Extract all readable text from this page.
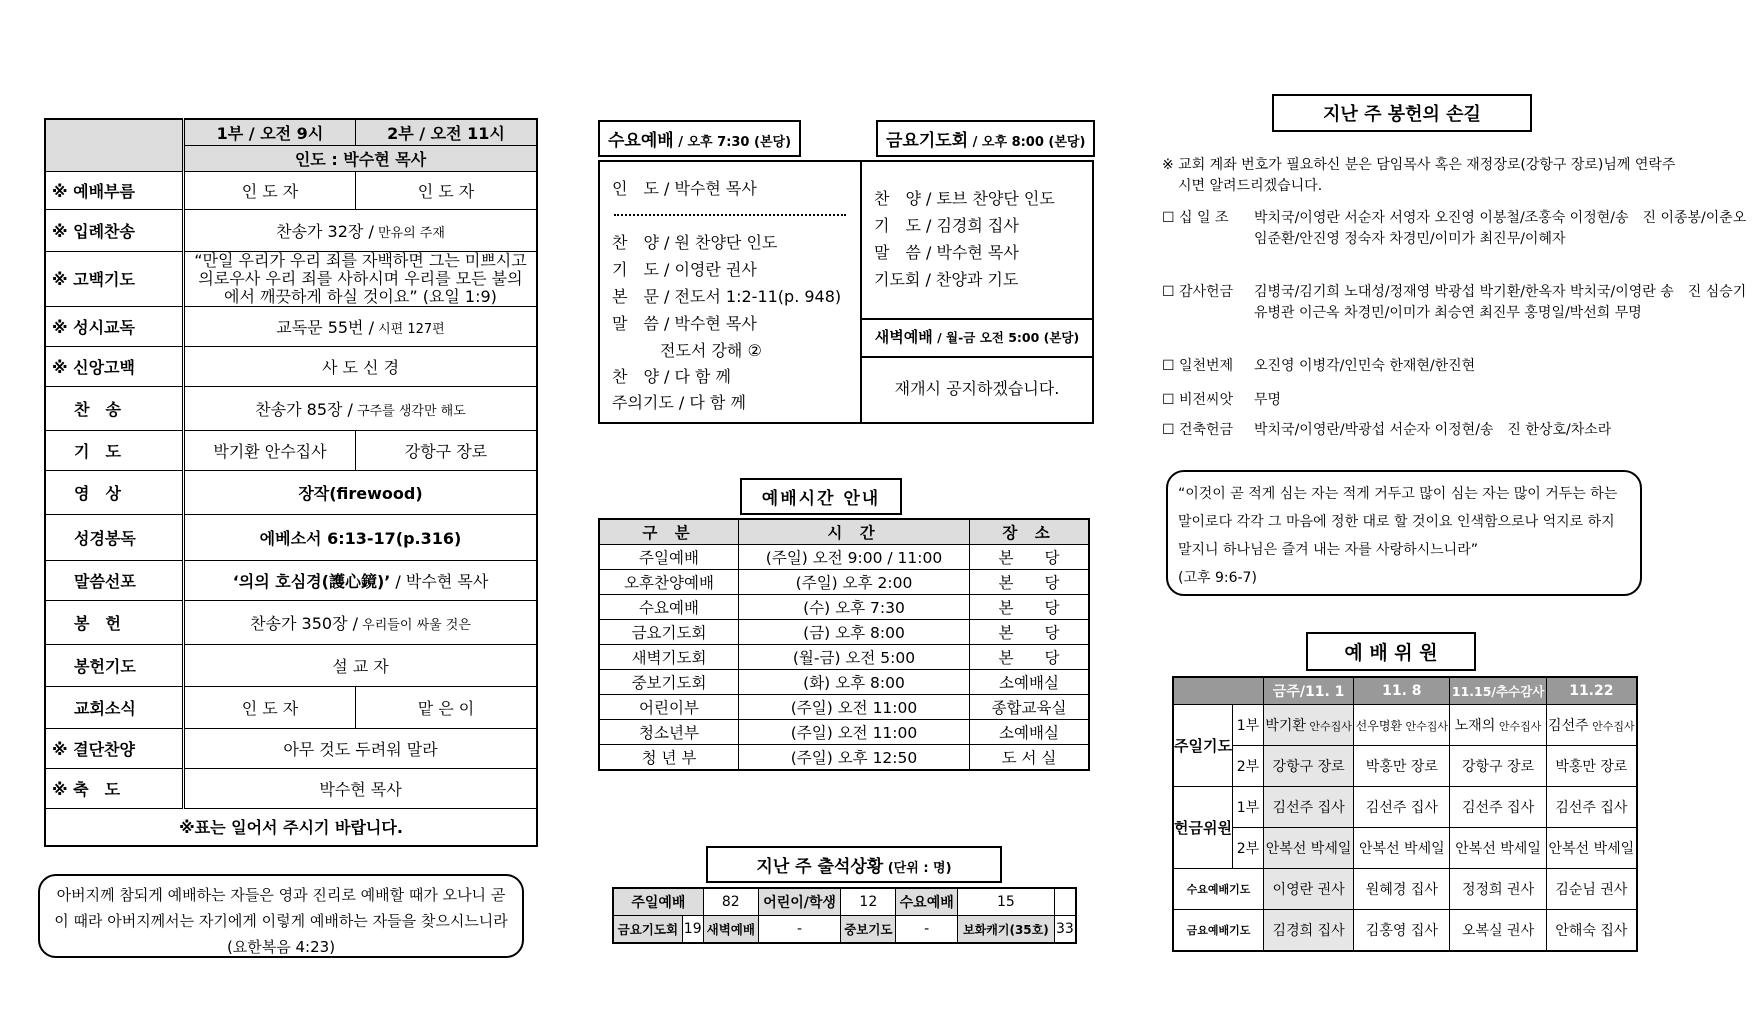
	1부 / 오전 9시	2부 / 오전 11시
	인도 : 박수현 목사	
※ 예배부름	인 도 자	인 도 자
※ 입례찬송	찬송가 32장 / 만유의 주재	
※ 고백기도	“만일 우리가 우리 죄를 자백하면 그는 미쁘시고 의로우사 우리 죄를 사하시며 우리를 모든 불의에서 깨끗하게 하실 것이요” (요일 1:9)	
※ 성시교독	교독문 55번 / 시편 127편	
※ 신앙고백	사 도 신 경	
찬　송	찬송가 85장 / 구주를 생각만 해도	
기　도	박기환 안수집사	강항구 장로
영　상	장작(firewood)	
성경봉독	에베소서 6:13-17(p.316)	
말씀선포	‘의의 호심경(護心鏡)’ / 박수현 목사	
봉　헌	찬송가 350장 / 우리들이 싸울 것은	
봉헌기도	설 교 자	
교회소식	인 도 자	맡 은 이
※ 결단찬양	아무 것도 두려워 말라	
※ 축　도	박수현 목사	
※표는 일어서 주시기 바랍니다.		
아버지께 참되게 예배하는 자들은 영과 진리로 예배할 때가 오나니 곧 이 때라 아버지께서는 자기에게 이렇게 예배하는 자들을 찾으시느니라 (요한복음 4:23)
수요예배 / 오후 7:30 (본당)	금요기도회 / 오후 8:00 (본당)
인　도 / 박수현 목사
찬　양 / 원 찬양단 인도
기　도 / 이영란 권사
본　문 / 전도서 1:2-11(p. 948)
말　씀 / 박수현 목사
　　　전도서 강해 ②
찬　양 / 다 함 께
주의기도 / 다 함 께
찬　양 / 토브 찬양단 인도
기　도 / 김경희 집사
말　씀 / 박수현 목사
기도회 / 찬양과 기도
새벽예배 / 월-금 오전 5:00 (본당)
재개시 공지하겠습니다.
예배시간 안내
구 분	시 간	장 소
주일예배	(주일) 오전 9:00 / 11:00	본　　당
오후찬양예배	(주일) 오후 2:00	본　　당
수요예배	(수) 오후 7:30	본　　당
금요기도회	(금) 오후 8:00	본　　당
새벽기도회	(월-금) 오전 5:00	본　　당
중보기도회	(화) 오후 8:00	소예배실
어린이부	(주일) 오전 11:00	종합교육실
청소년부	(주일) 오전 11:00	소예배실
청 년 부	(주일) 오후 12:50	도 서 실
지난 주 출석상황 (단위 : 명)
주일예배		82	어린이/학생	12	수요예배	15	
금요기도회	19	새벽예배	-	중보기도	-	보화캐기(35호)	33
지난 주 봉헌의 손길
※ 교회 계좌 번호가 필요하신 분은 담임목사 혹은 재정장로(강항구 장로)님께 연락주시면 알려드리겠습니다.
☐ 십 일 조 박치국/이영란 서순자 서영자 오진영 이봉철/조홍숙 이정현/송　진 이종봉/이춘오 임준환/안진영 정숙자 차경민/이미가 최진무/이혜자
☐ 감사헌금 김병국/김기희 노대성/정재영 박광섭 박기환/한옥자 박치국/이영란 송　진 심승기 유병관 이근옥 차경민/이미가 최승연 최진무 홍명일/박선희 무명
☐ 일천번제 오진영 이병각/인민숙 한재현/한진현
☐ 비전씨앗 무명
☐ 건축헌금 박치국/이영란/박광섭 서순자 이정현/송　진 한상호/차소라
“이것이 곧 적게 심는 자는 적게 거두고 많이 심는 자는 많이 거두는 하는 말이로다 각각 그 마음에 정한 대로 할 것이요 인색함으로나 억지로 하지 말지니 하나님은 즐겨 내는 자를 사랑하시느니라”
(고후 9:6-7)
예 배 위 원
		금주/11. 1	11. 8	11.15/추수감사	11.22
주일기도	1부	박기환 안수집사	선우명환 안수집사	노재의 안수집사	김선주 안수집사
	2부	강항구 장로	박홍만 장로	강항구 장로	박홍만 장로
헌금위원	1부	김선주 집사	김선주 집사	김선주 집사	김선주 집사
	2부	안복선 박세일	안복선 박세일	안복선 박세일	안복선 박세일
수요예배기도		이영란 권사	원혜경 집사	정정희 권사	김순님 권사
금요예배기도		김경희 집사	김홍영 집사	오복실 권사	안해숙 집사
